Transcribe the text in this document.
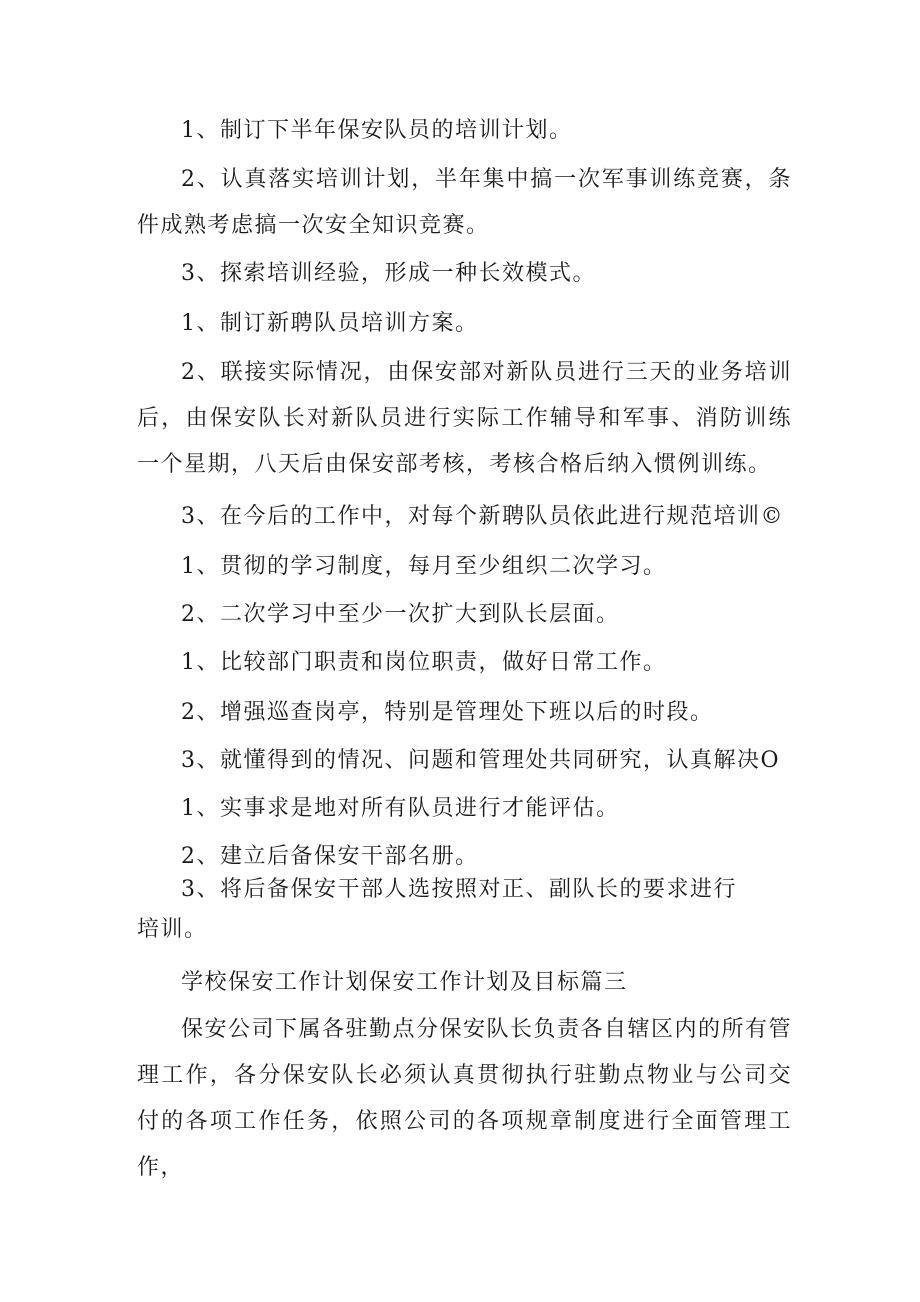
1、制订下半年保安队员的培训计划。

2、认真落实培训计划，半年集中搞一次军事训练竞赛，条件成熟考虑搞一次安全知识竞赛。

3、探索培训经验，形成一种长效模式。

1、制订新聘队员培训方案。

2、联接实际情况，由保安部对新队员进行三天的业务培训后，由保安队长对新队员进行实际工作辅导和军事、消防训练一个星期，八天后由保安部考核，考核合格后纳入惯例训练。

3、在今后的工作中，对每个新聘队员依此进行规范培训©

1、贯彻的学习制度，每月至少组织二次学习。

2、二次学习中至少一次扩大到队长层面。

1、比较部门职责和岗位职责，做好日常工作。

2、增强巡查岗亭，特别是管理处下班以后的时段。

3、就懂得到的情况、问题和管理处共同研究，认真解决O

1、实事求是地对所有队员进行才能评估。

2、建立后备保安干部名册。

3、将后备保安干部人选按照对正、副队长的要求进行培训。

学校保安工作计划保安工作计划及目标篇三

保安公司下属各驻勤点分保安队长负责各自辖区内的所有管理工作，各分保安队长必须认真贯彻执行驻勤点物业与公司交付的各项工作任务，依照公司的各项规章制度进行全面管理工作，
